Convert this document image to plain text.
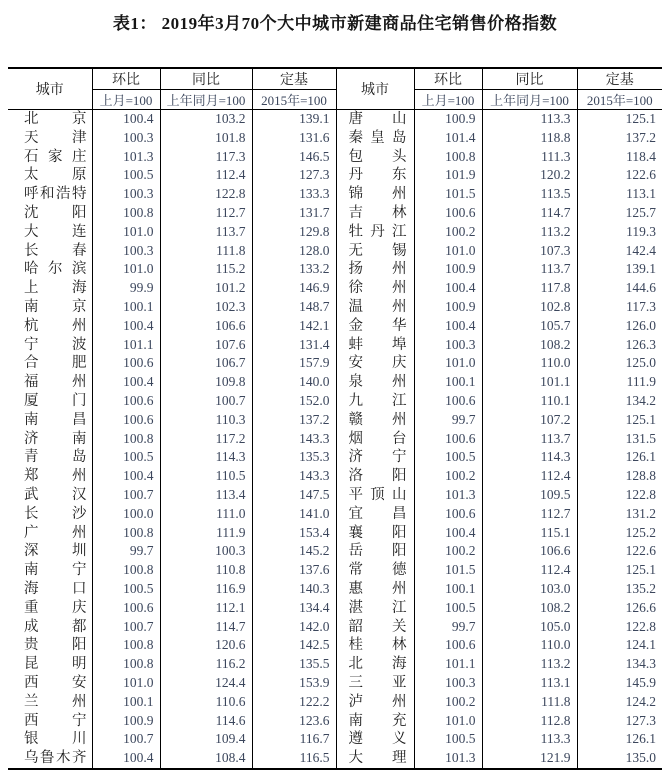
表1： 2019年3月70个大中城市新建商品住宅销售价格指数
城市	环比	同比	定基	城市	环比	同比	定基
	上月=100	上年同月=100	2015年=100		上月=100	上年同月=100	2015年=100

北 京	100.4	103.2	139.1	唐 山	100.9	113.3	125.1

天 津	100.3	101.8	131.6	秦 皇 岛	101.4	118.8	137.2

石 家 庄	101.3	117.3	146.5	包 头	100.8	111.3	118.4

太 原	100.5	112.4	127.3	丹 东	101.9	120.2	122.6

呼 和 浩 特	100.3	122.8	133.3	锦 州	101.5	113.5	113.1

沈 阳	100.8	112.7	131.7	吉 林	100.6	114.7	125.7

大 连	101.0	113.7	129.8	牡 丹 江	100.2	113.2	119.3

长 春	100.3	111.8	128.0	无 锡	101.0	107.3	142.4

哈 尔 滨	101.0	115.2	133.2	扬 州	100.9	113.7	139.1

上 海	99.9	101.2	146.9	徐 州	100.4	117.8	144.6

南 京	100.1	102.3	148.7	温 州	100.9	102.8	117.3

杭 州	100.4	106.6	142.1	金 华	100.4	105.7	126.0

宁 波	101.1	107.6	131.4	蚌 埠	100.3	108.2	126.3

合 肥	100.6	106.7	157.9	安 庆	101.0	110.0	125.0

福 州	100.4	109.8	140.0	泉 州	100.1	101.1	111.9

厦 门	100.6	100.7	152.0	九 江	100.6	110.1	134.2

南 昌	100.6	110.3	137.2	赣 州	99.7	107.2	125.1

济 南	100.8	117.2	143.3	烟 台	100.6	113.7	131.5

青 岛	100.5	114.3	135.3	济 宁	100.5	114.3	126.1

郑 州	100.4	110.5	143.3	洛 阳	100.2	112.4	128.8

武 汉	100.7	113.4	147.5	平 顶 山	101.3	109.5	122.8

长 沙	100.0	111.0	141.0	宜 昌	100.6	112.7	131.2

广 州	100.8	111.9	153.4	襄 阳	100.4	115.1	125.2

深 圳	99.7	100.3	145.2	岳 阳	100.2	106.6	122.6

南 宁	100.8	110.8	137.6	常 德	101.5	112.4	125.1

海 口	100.5	116.9	140.3	惠 州	100.1	103.0	135.2

重 庆	100.6	112.1	134.4	湛 江	100.5	108.2	126.6

成 都	100.7	114.7	142.0	韶 关	99.7	105.0	122.8

贵 阳	100.8	120.6	142.5	桂 林	100.6	110.0	124.1

昆 明	100.8	116.2	135.5	北 海	101.1	113.2	134.3

西 安	101.0	124.4	153.9	三 亚	100.3	113.1	145.9

兰 州	100.1	110.6	122.2	泸 州	100.2	111.8	124.2

西 宁	100.9	114.6	123.6	南 充	101.0	112.8	127.3

银 川	100.7	109.4	116.7	遵 义	100.5	113.3	126.1

乌 鲁 木 齐	100.4	108.4	116.5	大 理	101.3	121.9	135.0
